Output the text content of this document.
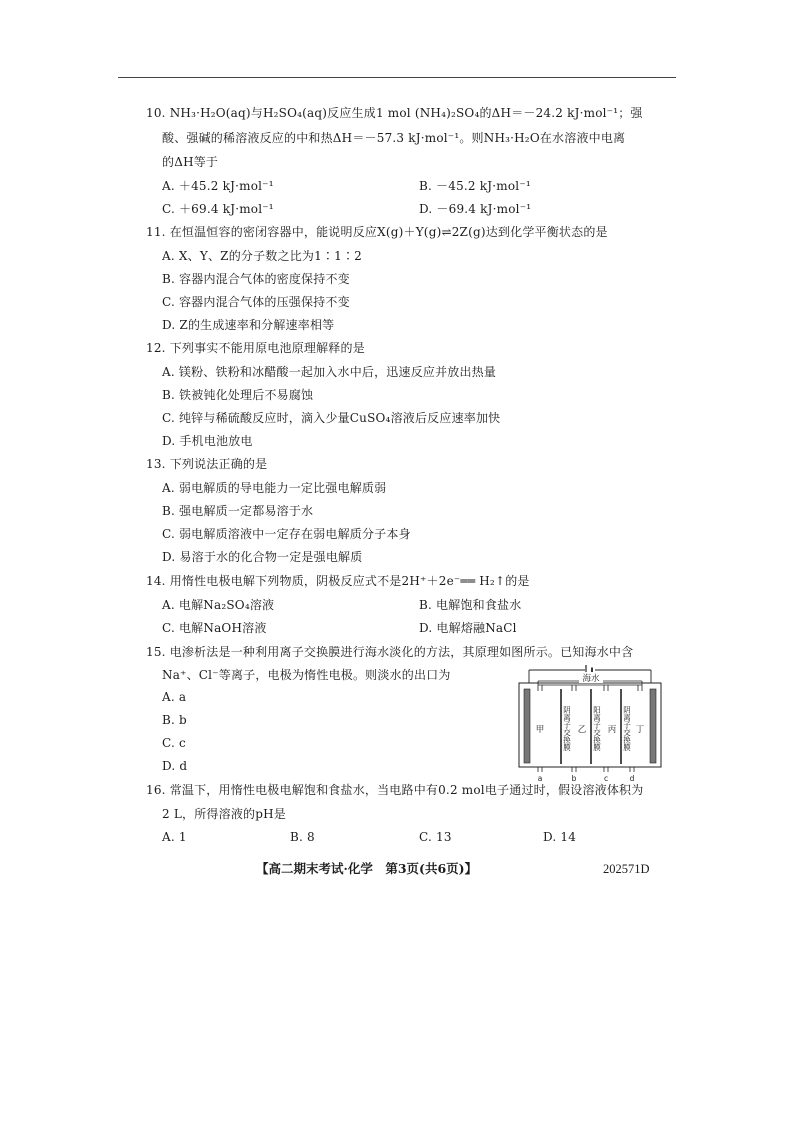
10. NH₃·H₂O(aq)与H₂SO₄(aq)反应生成1 mol (NH₄)₂SO₄的ΔH＝－24.2 kJ·mol⁻¹；强
酸、强碱的稀溶液反应的中和热ΔH＝－57.3 kJ·mol⁻¹。则NH₃·H₂O在水溶液中电离
的ΔH等于
A. ＋45.2 kJ·mol⁻¹	B. －45.2 kJ·mol⁻¹
C. ＋69.4 kJ·mol⁻¹	D. －69.4 kJ·mol⁻¹
11. 在恒温恒容的密闭容器中，能说明反应X(g)＋Y(g)⇌2Z(g)达到化学平衡状态的是
A. X、Y、Z的分子数之比为1∶1∶2
B. 容器内混合气体的密度保持不变
C. 容器内混合气体的压强保持不变
D. Z的生成速率和分解速率相等
12. 下列事实不能用原电池原理解释的是
A. 镁粉、铁粉和冰醋酸一起加入水中后，迅速反应并放出热量
B. 铁被钝化处理后不易腐蚀
C. 纯锌与稀硫酸反应时，滴入少量CuSO₄溶液后反应速率加快
D. 手机电池放电
13. 下列说法正确的是
A. 弱电解质的导电能力一定比强电解质弱
B. 强电解质一定都易溶于水
C. 弱电解质溶液中一定存在弱电解质分子本身
D. 易溶于水的化合物一定是强电解质
14. 用惰性电极电解下列物质，阴极反应式不是2H⁺＋2e⁻══ H₂↑的是
A. 电解Na₂SO₄溶液	B. 电解饱和食盐水
C. 电解NaOH溶液	D. 电解熔融NaCl
15. 电渗析法是一种利用离子交换膜进行海水淡化的方法，其原理如图所示。已知海水中含
Na⁺、Cl⁻等离子，电极为惰性电极。则淡水的出口为
A. a
B. b
C. c
D. d
海水
阴离子交换膜	阳离子交换膜	阴离子交换膜
甲	乙	丙 丁
a	b	c	d
16. 常温下，用惰性电极电解饱和食盐水，当电路中有0.2 mol电子通过时，假设溶液体积为
2 L，所得溶液的pH是
A. 1	B. 8	C. 13	D. 14
【高二期末考试·化学　第3页(共6页)】	202571D
